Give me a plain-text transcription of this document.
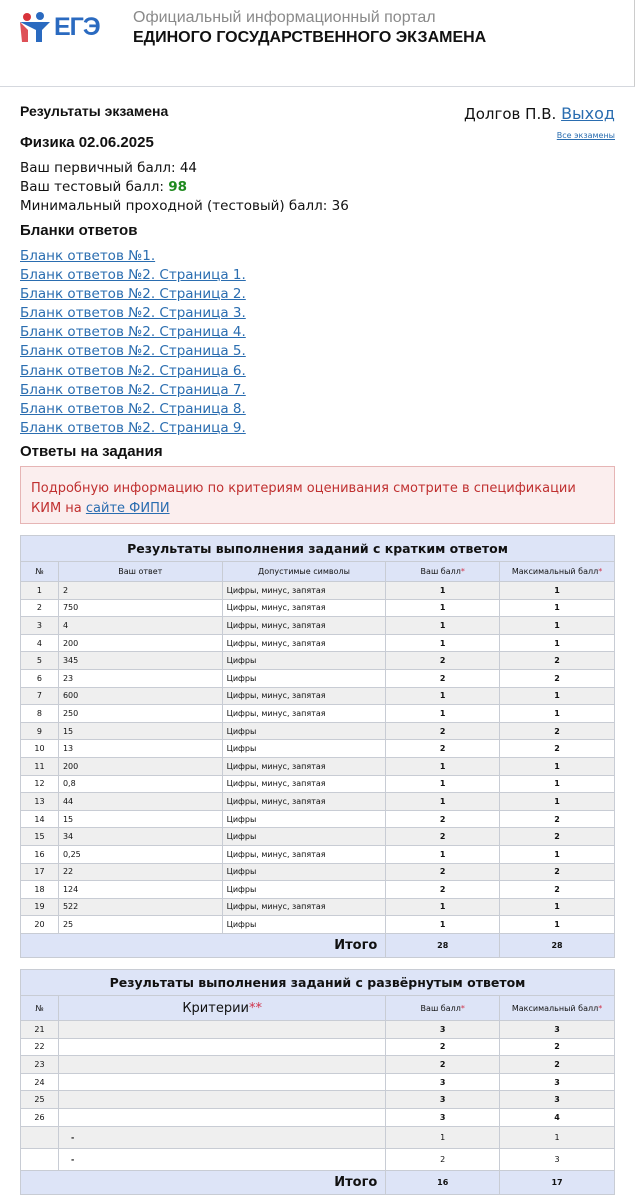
ЕГЭ Официальный информационный портал
ЕДИНОГО ГОСУДАРСТВЕННОГО ЭКЗАМЕНА
Результаты экзамена	Долгов П.В. Выход
Все экзамены
Физика 02.06.2025
Ваш первичный балл: 44
Ваш тестовый балл: 98
Минимальный проходной (тестовый) балл: 36
Бланки ответов
Бланк ответов №1.
Бланк ответов №2. Страница 1.
Бланк ответов №2. Страница 2.
Бланк ответов №2. Страница 3.
Бланк ответов №2. Страница 4.
Бланк ответов №2. Страница 5.
Бланк ответов №2. Страница 6.
Бланк ответов №2. Страница 7.
Бланк ответов №2. Страница 8.
Бланк ответов №2. Страница 9.
Ответы на задания
Подробную информацию по критериям оценивания смотрите в спецификации КИМ на сайте ФИПИ
Результаты выполнения заданий с кратким ответом				
№	Ваш ответ	Допустимые символы	Ваш балл*	Максимальный балл*
1	2	Цифры, минус, запятая	1	1
2	750	Цифры, минус, запятая	1	1
3	4	Цифры, минус, запятая	1	1
4	200	Цифры, минус, запятая	1	1
5	345	Цифры	2	2
6	23	Цифры	2	2
7	600	Цифры, минус, запятая	1	1
8	250	Цифры, минус, запятая	1	1
9	15	Цифры	2	2
10	13	Цифры	2	2
11	200	Цифры, минус, запятая	1	1
12	0,8	Цифры, минус, запятая	1	1
13	44	Цифры, минус, запятая	1	1
14	15	Цифры	2	2
15	34	Цифры	2	2
16	0,25	Цифры, минус, запятая	1	1
17	22	Цифры	2	2
18	124	Цифры	2	2
19	522	Цифры, минус, запятая	1	1
20	25	Цифры	1	1
Итого			28	28
Результаты выполнения заданий с развёрнутым ответом			
№	Критерии**	Ваш балл*	Максимальный балл*
21		3	3
22		2	2
23		2	2
24		3	3
25		3	3
26		3	4
	-	1	1
	-	2	3
Итого		16	17
